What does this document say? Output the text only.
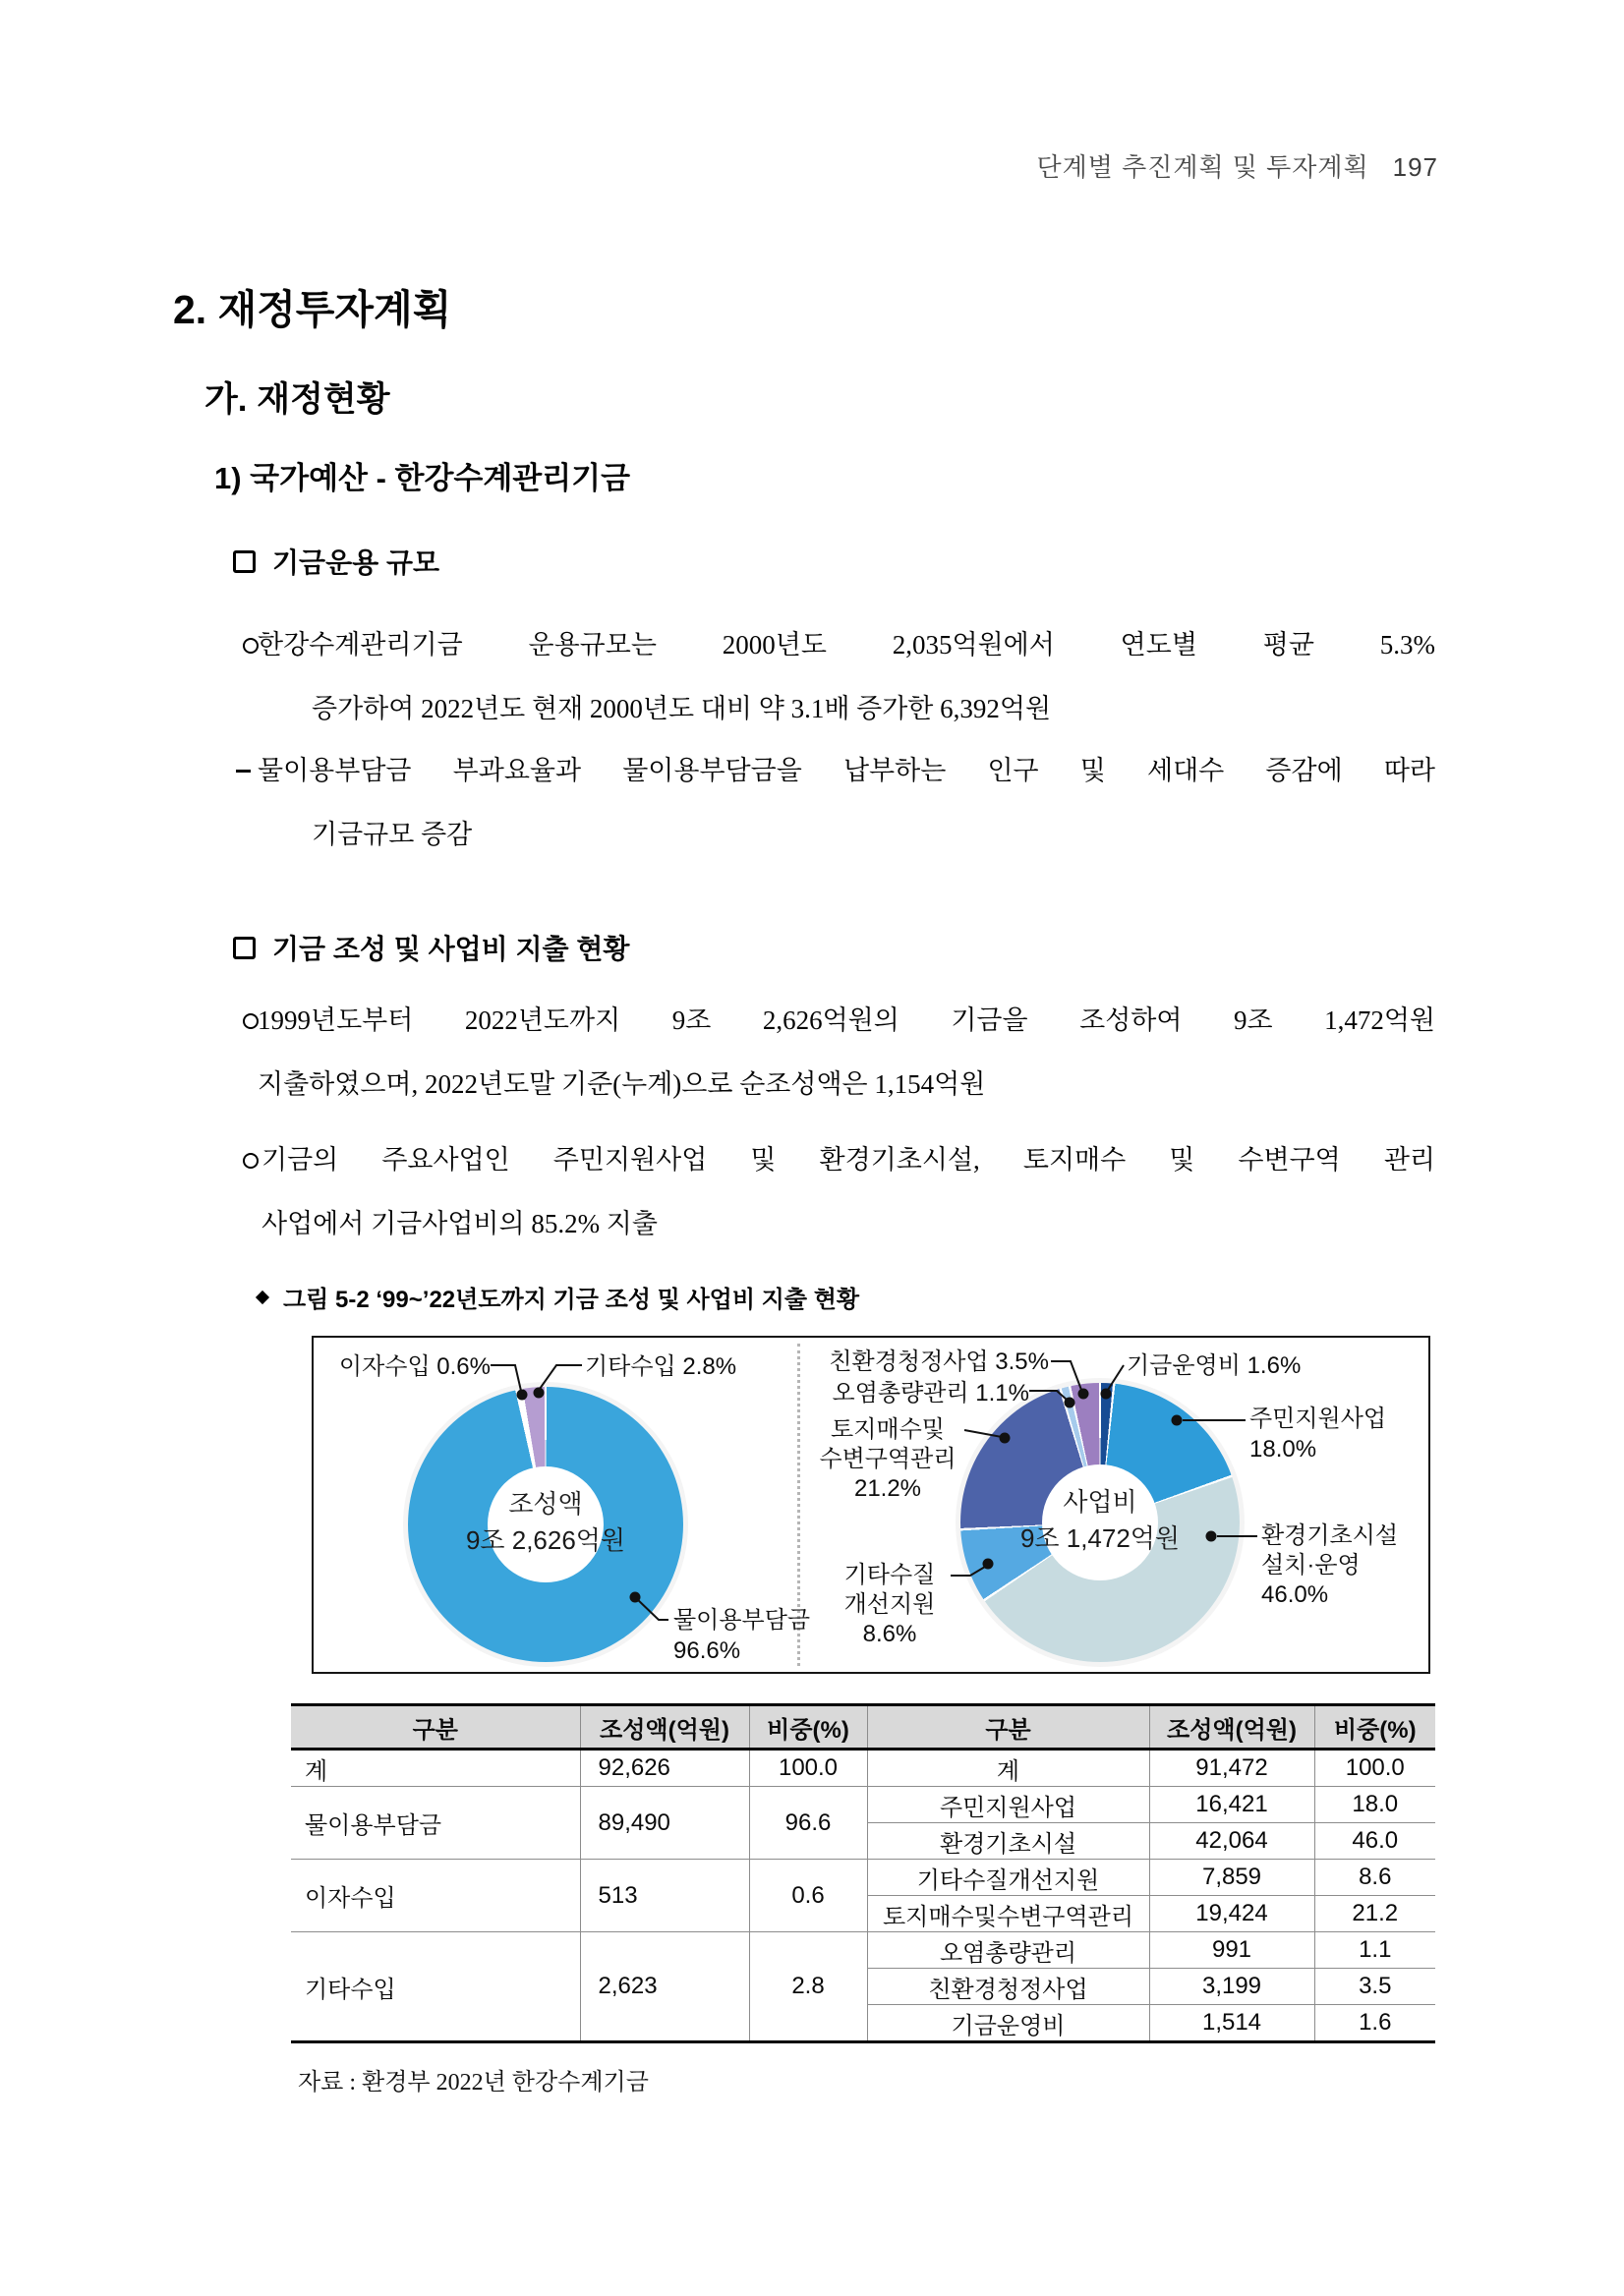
단계별 추진계획 및 투자계획 197
2. 재정투자계획
가. 재정현황
1) 국가예산 - 한강수계관리기금
기금운용 규모
한강수계관리기금 운용규모는 2000년도 2,035억원에서 연도별 평균 5.3%
증가하여 2022년도 현재 2000년도 대비 약 3.1배 증가한 6,392억원
물이용부담금 부과요율과 물이용부담금을 납부하는 인구 및 세대수 증감에 따라
기금규모 증감
기금 조성 및 사업비 지출 현황
1999년도부터 2022년도까지 9조 2,626억원의 기금을 조성하여 9조 1,472억원
지출하였으며, 2022년도말 기준(누계)으로 순조성액은 1,154억원
기금의 주요사업인 주민지원사업 및 환경기초시설, 토지매수 및 수변구역 관리
사업에서 기금사업비의 85.2% 지출
그림 5-2 ‘99~’22년도까지 기금 조성 및 사업비 지출 현황
조성액
9조 2,626억원
사업비
9조 1,472억원
이자수입 0.6%	기타수입 2.8%
물이용부담금
96.6%
친환경청정사업 3.5%
오염총량관리 1.1%
기금운영비 1.6%
주민지원사업
18.0%
환경기초시설
설치·운영
46.0%
기타수질
개선지원
8.6%
토지매수및
수변구역관리
21.2%
구분	조성액(억원)	비중(%)	구분	조성액(억원)	비중(%)
계	92,626	100.0	계	91,472	100.0
물이용부담금	89,490	96.6	주민지원사업	16,421	18.0
			환경기초시설	42,064	46.0
이자수입	513	0.6	기타수질개선지원	7,859	8.6
			토지매수및수변구역관리	19,424	21.2
기타수입	2,623	2.8	오염총량관리	991	1.1
			친환경청정사업	3,199	3.5
			기금운영비	1,514	1.6
자료 : 환경부 2022년 한강수계기금
